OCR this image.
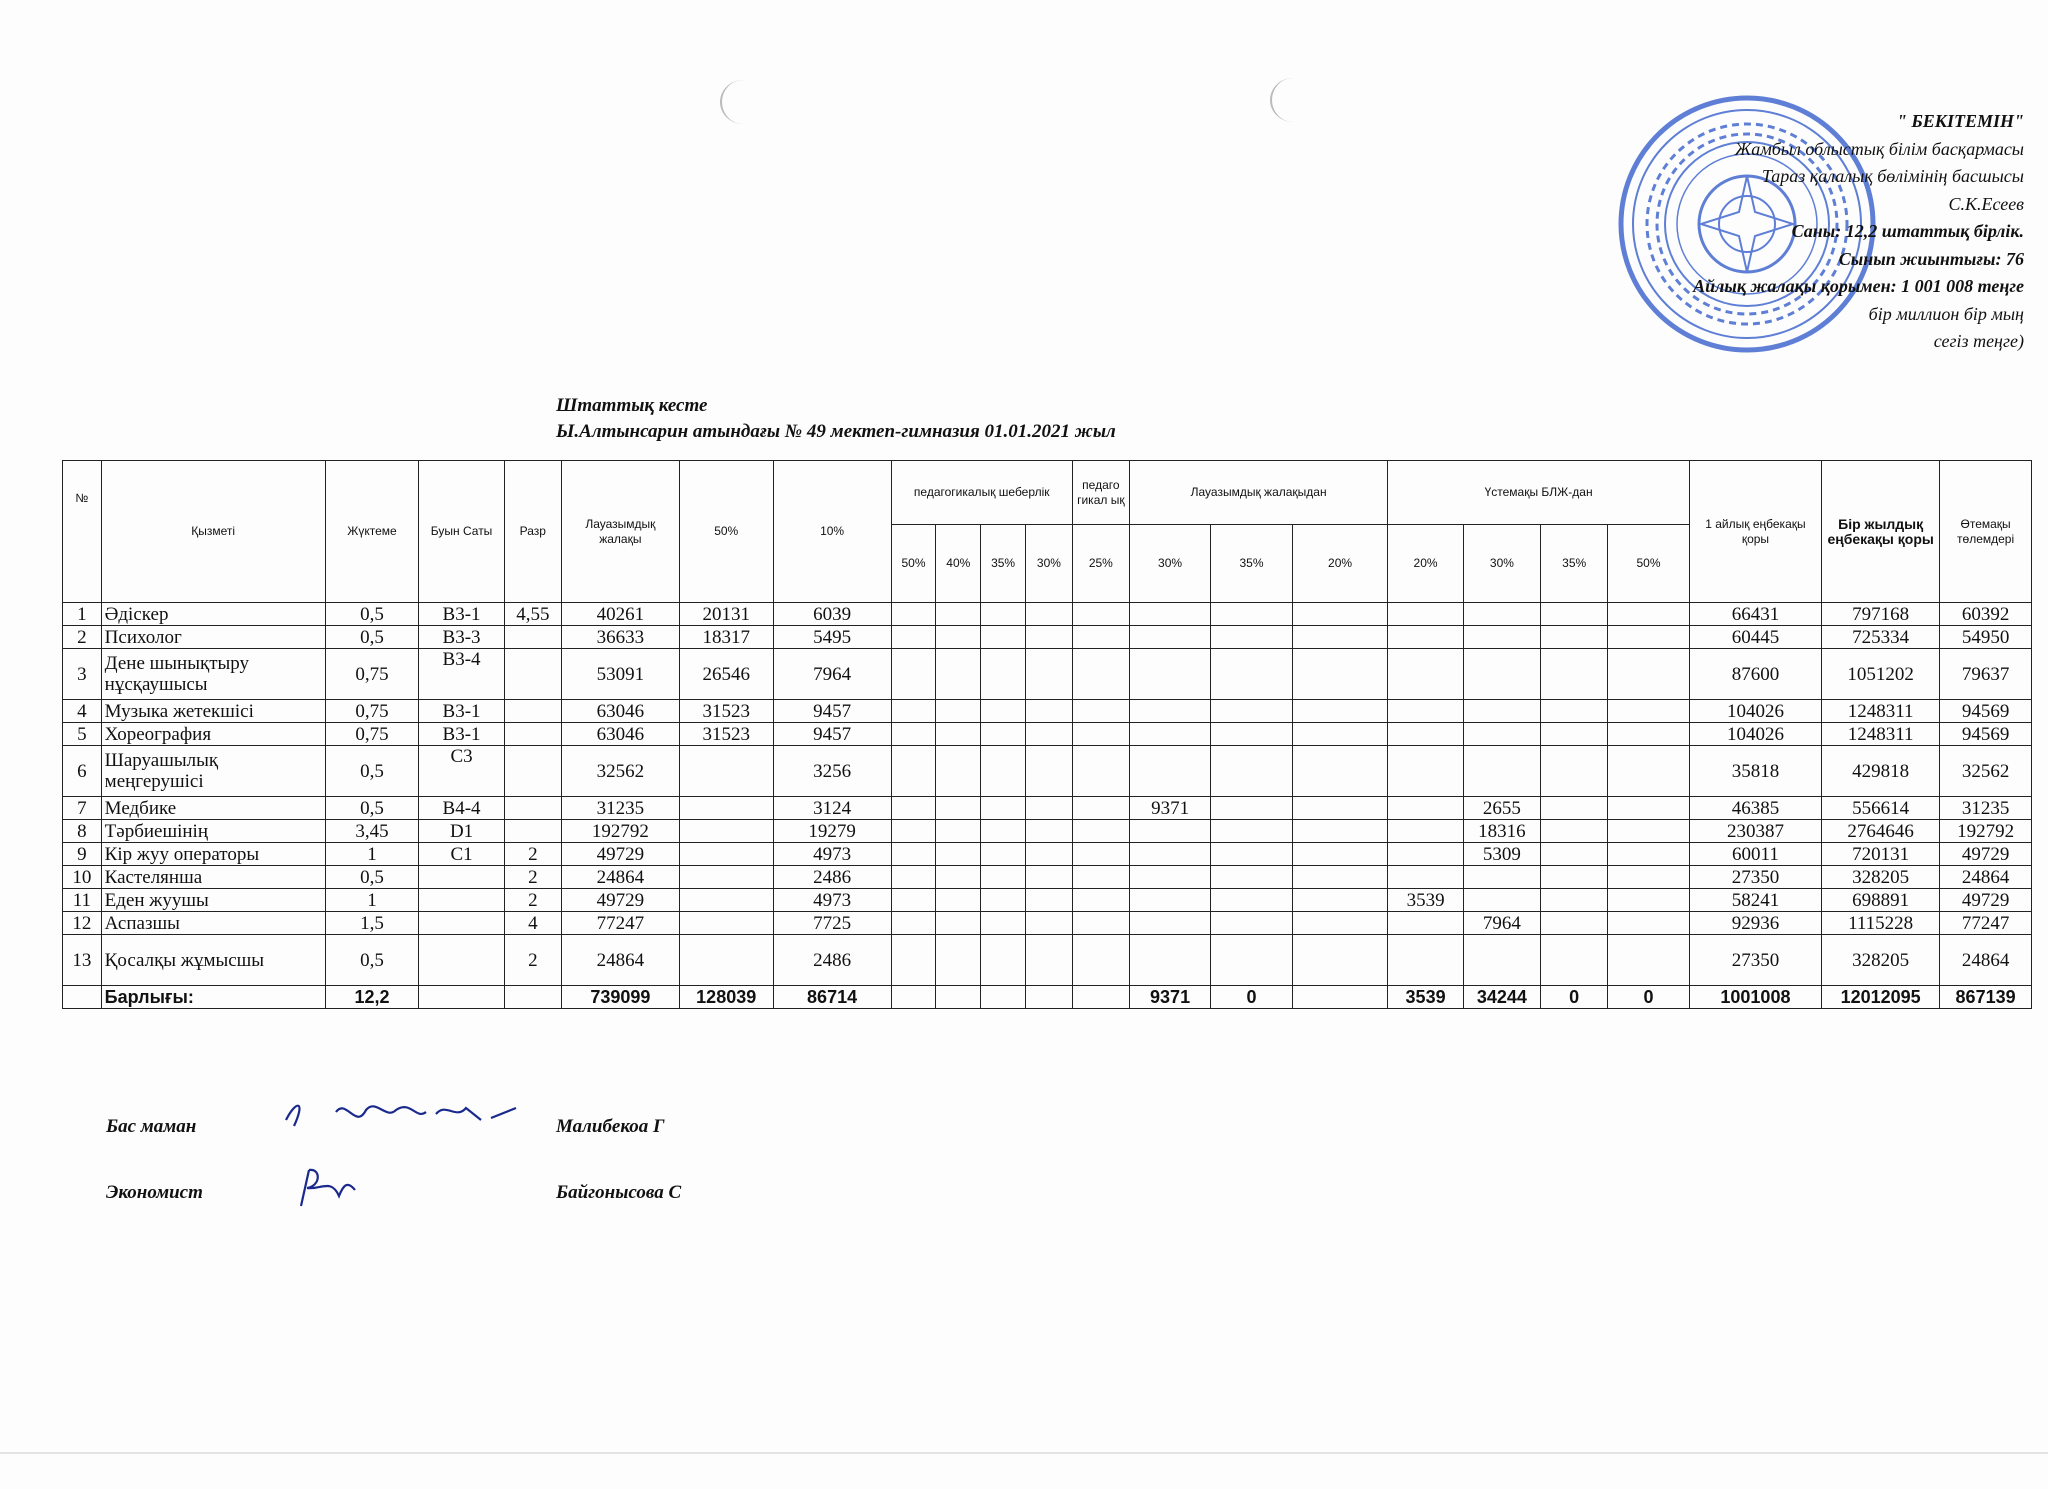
" БЕКІТЕМІН"
Жамбыл облыстық білім басқармасы
Тараз қалалық бөлімінің басшысы
С.К.Есеев
Саны: 12,2 штаттық бірлік.
Сынып жиынтығы: 76
Айлық жалақы қорымен: 1 001 008 теңге
бір миллион бір мың
сегіз теңге)
Штаттық кесте
Ы.Алтынсарин атындағы № 49 мектеп-гимназия 01.01.2021 жыл
№	Қызметі	Жүктеме	Буын Саты	Разр	Лауазымдық жалақы	50%	10%	педагогикалық шеберлік				педаго гикал ық	Лауазымдық жалақыдан			Үстемақы БЛЖ-дан				1 айлық еңбекақы қоры	Бір жылдық еңбекақы қоры	Өтемақы төлемдері
								50%	40%	35%	30%	25%	30%	35%	20%	20%	30%	35%	50%			
1	Әдіскер	0,5	В3-1	4,55	40261	20131	6039													66431	797168	60392
2	Психолог	0,5	В3-3		36633	18317	5495													60445	725334	54950
3	Дене шынықтыру нұсқаушысы	0,75	В3-4		53091	26546	7964													87600	1051202	79637
4	Музыка жетекшісі	0,75	В3-1		63046	31523	9457													104026	1248311	94569
5	Хореография	0,75	В3-1		63046	31523	9457													104026	1248311	94569
6	Шаруашылық меңгерушісі	0,5	С3		32562		3256													35818	429818	32562
7	Медбике	0,5	В4-4		31235		3124						9371				2655			46385	556614	31235
8	Тәрбиешінің	3,45	D1		192792		19279										18316			230387	2764646	192792
9	Кір жуу операторы	1	С1	2	49729		4973										5309			60011	720131	49729
10	Кастелянша	0,5		2	24864		2486													27350	328205	24864
11	Еден жуушы	1		2	49729		4973									3539				58241	698891	49729
12	Аспазшы	1,5		4	77247		7725										7964			92936	1115228	77247
13	Қосалқы жұмысшы	0,5		2	24864		2486													27350	328205	24864
	Барлығы:	12,2			739099	128039	86714						9371	0		3539	34244	0	0	1001008	12012095	867139
Бас маман	Малибекоа Г
Экономист	Байгонысова С
